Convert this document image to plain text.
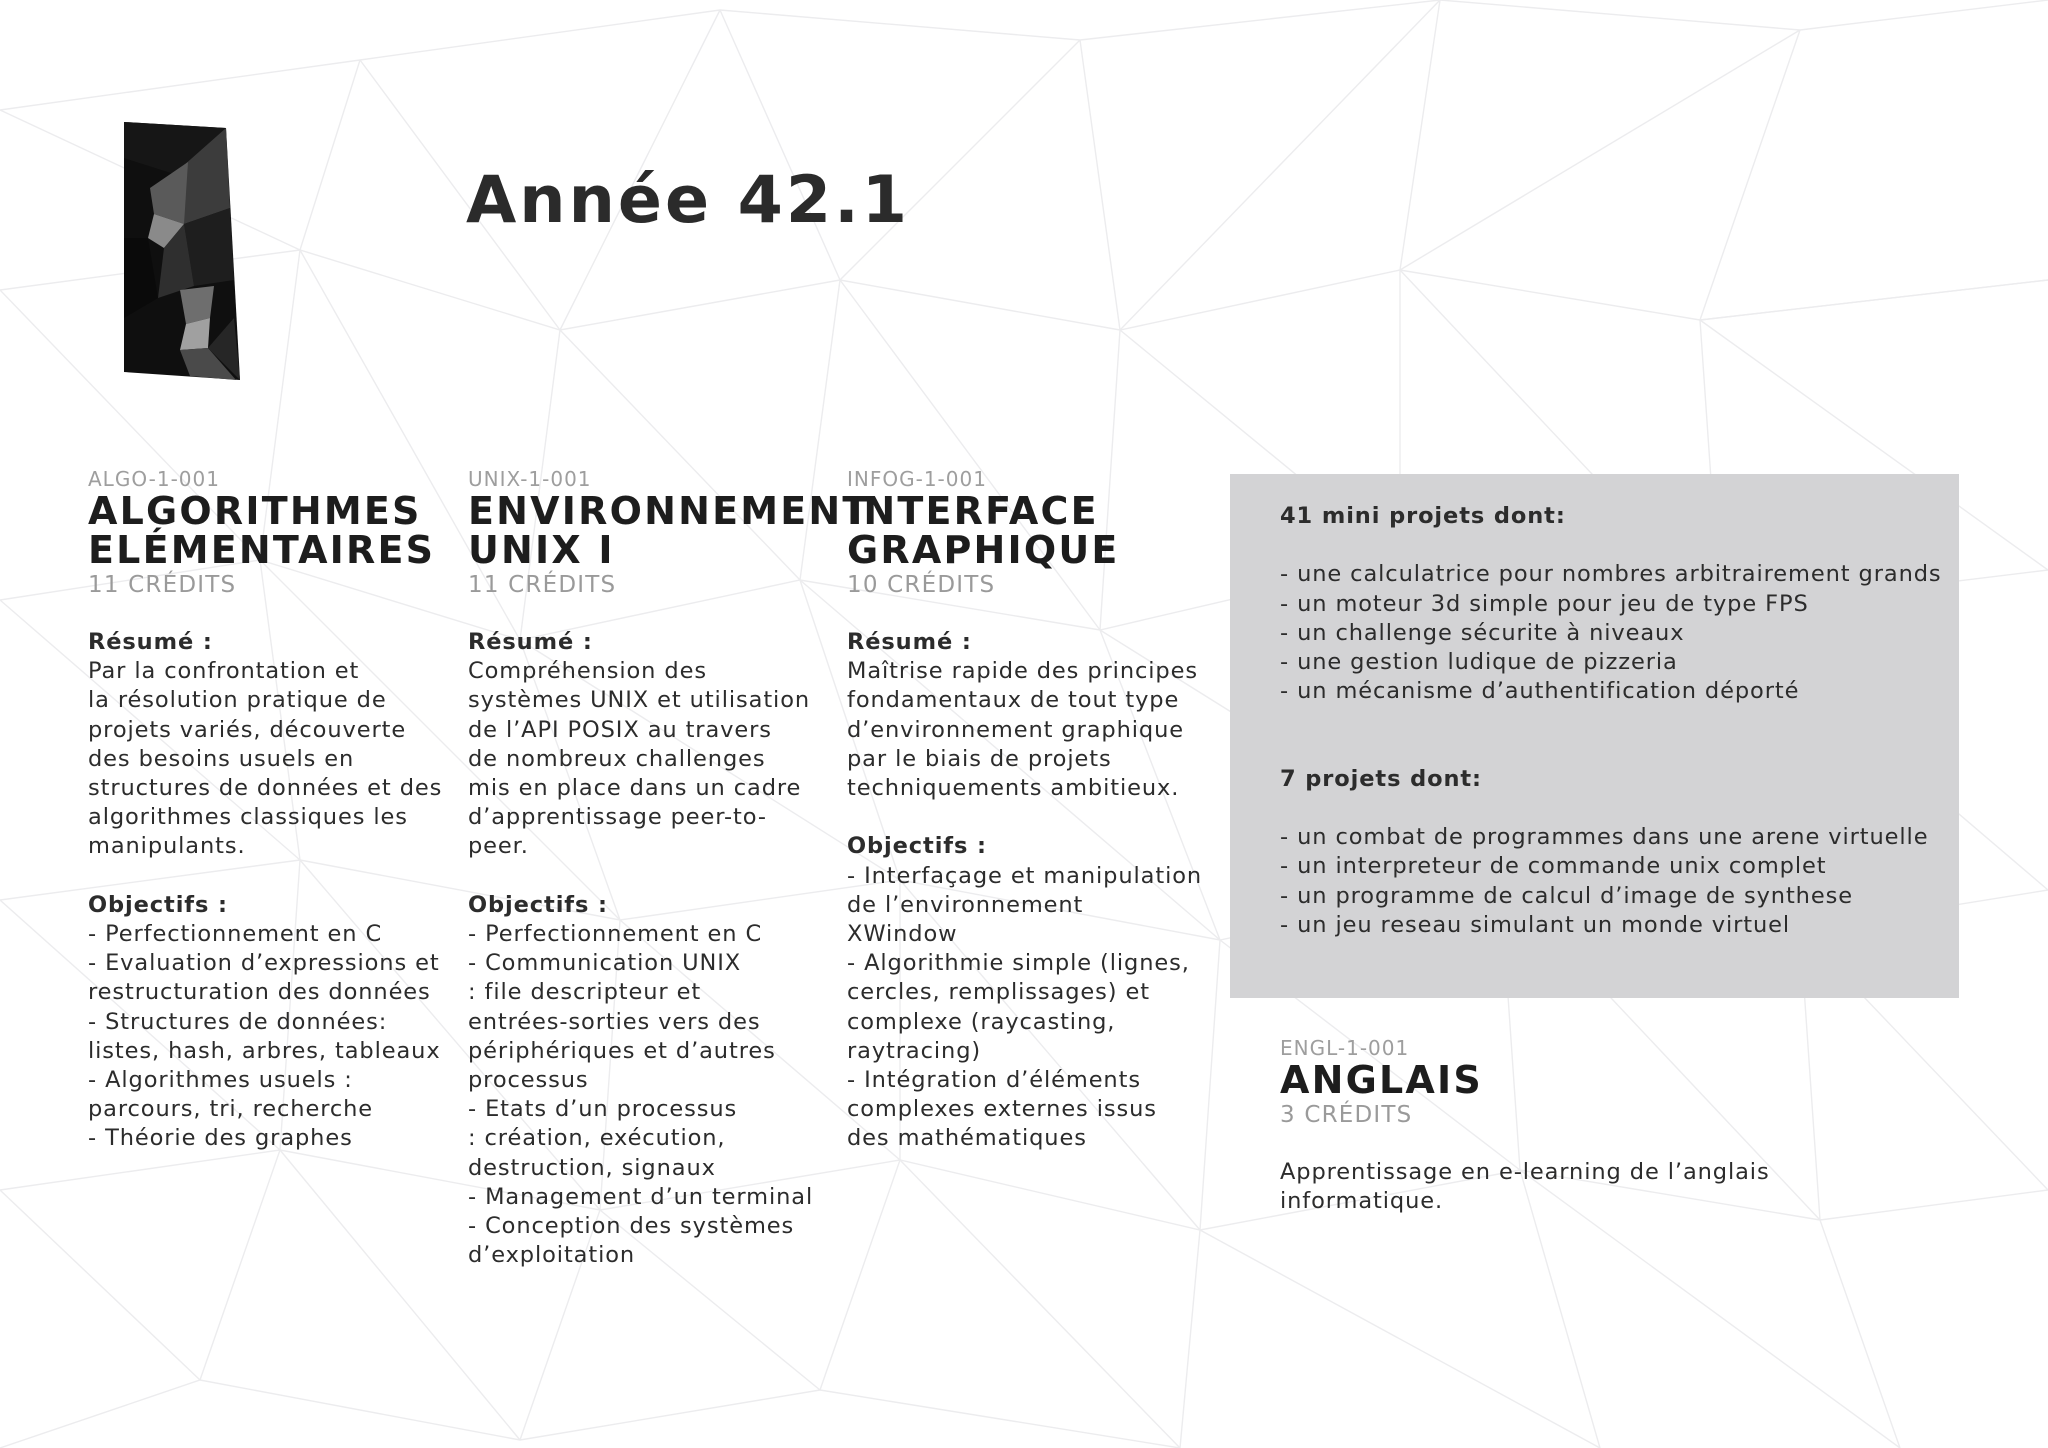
Année 42.1
ALGO-1-001
ALGORITHMES
ELÉMENTAIRES
11 CRÉDITS
Résumé :

Par la confrontation et
la résolution pratique de
projets variés, découverte
des besoins usuels en
structures de données et des
algorithmes classiques les
manipulants.

Objectifs :

- Perfectionnement en C
- Evaluation d’expressions et
restructuration des données
- Structures de données:
listes, hash, arbres, tableaux
- Algorithmes usuels :
parcours, tri, recherche
- Théorie des graphes

UNIX-1-001
ENVIRONNEMENT
UNIX I
11 CRÉDITS
Résumé :

Compréhension des
systèmes UNIX et utilisation
de l’API POSIX au travers
de nombreux challenges
mis en place dans un cadre
d’apprentissage peer-to-
peer.

Objectifs :

- Perfectionnement en C
- Communication UNIX
: file descripteur et
entrées-sorties vers des
périphériques et d’autres
processus
- Etats d’un processus
: création, exécution,
destruction, signaux
- Management d’un terminal
- Conception des systèmes
d’exploitation

INFOG-1-001
INTERFACE
GRAPHIQUE
10 CRÉDITS
Résumé :

Maîtrise rapide des principes
fondamentaux de tout type
d’environnement graphique
par le biais de projets
techniquements ambitieux.

Objectifs :

- Interfaçage et manipulation
de l’environnement
XWindow
- Algorithmie simple (lignes,
cercles, remplissages) et
complexe (raycasting,
raytracing)
- Intégration d’éléments
complexes externes issus
des mathématiques

41 mini projets dont:
- une calculatrice pour nombres arbitrairement grands
- un moteur 3d simple pour jeu de type FPS
- un challenge sécurite à niveaux
- une gestion ludique de pizzeria
- un mécanisme d’authentification déporté
7 projets dont:
- un combat de programmes dans une arene virtuelle
- un interpreteur de commande unix complet
- un programme de calcul d’image de synthese
- un jeu reseau simulant un monde virtuel
ENGL-1-001
ANGLAIS
3 CRÉDITS

Apprentissage en e-learning de l’anglais
informatique.
